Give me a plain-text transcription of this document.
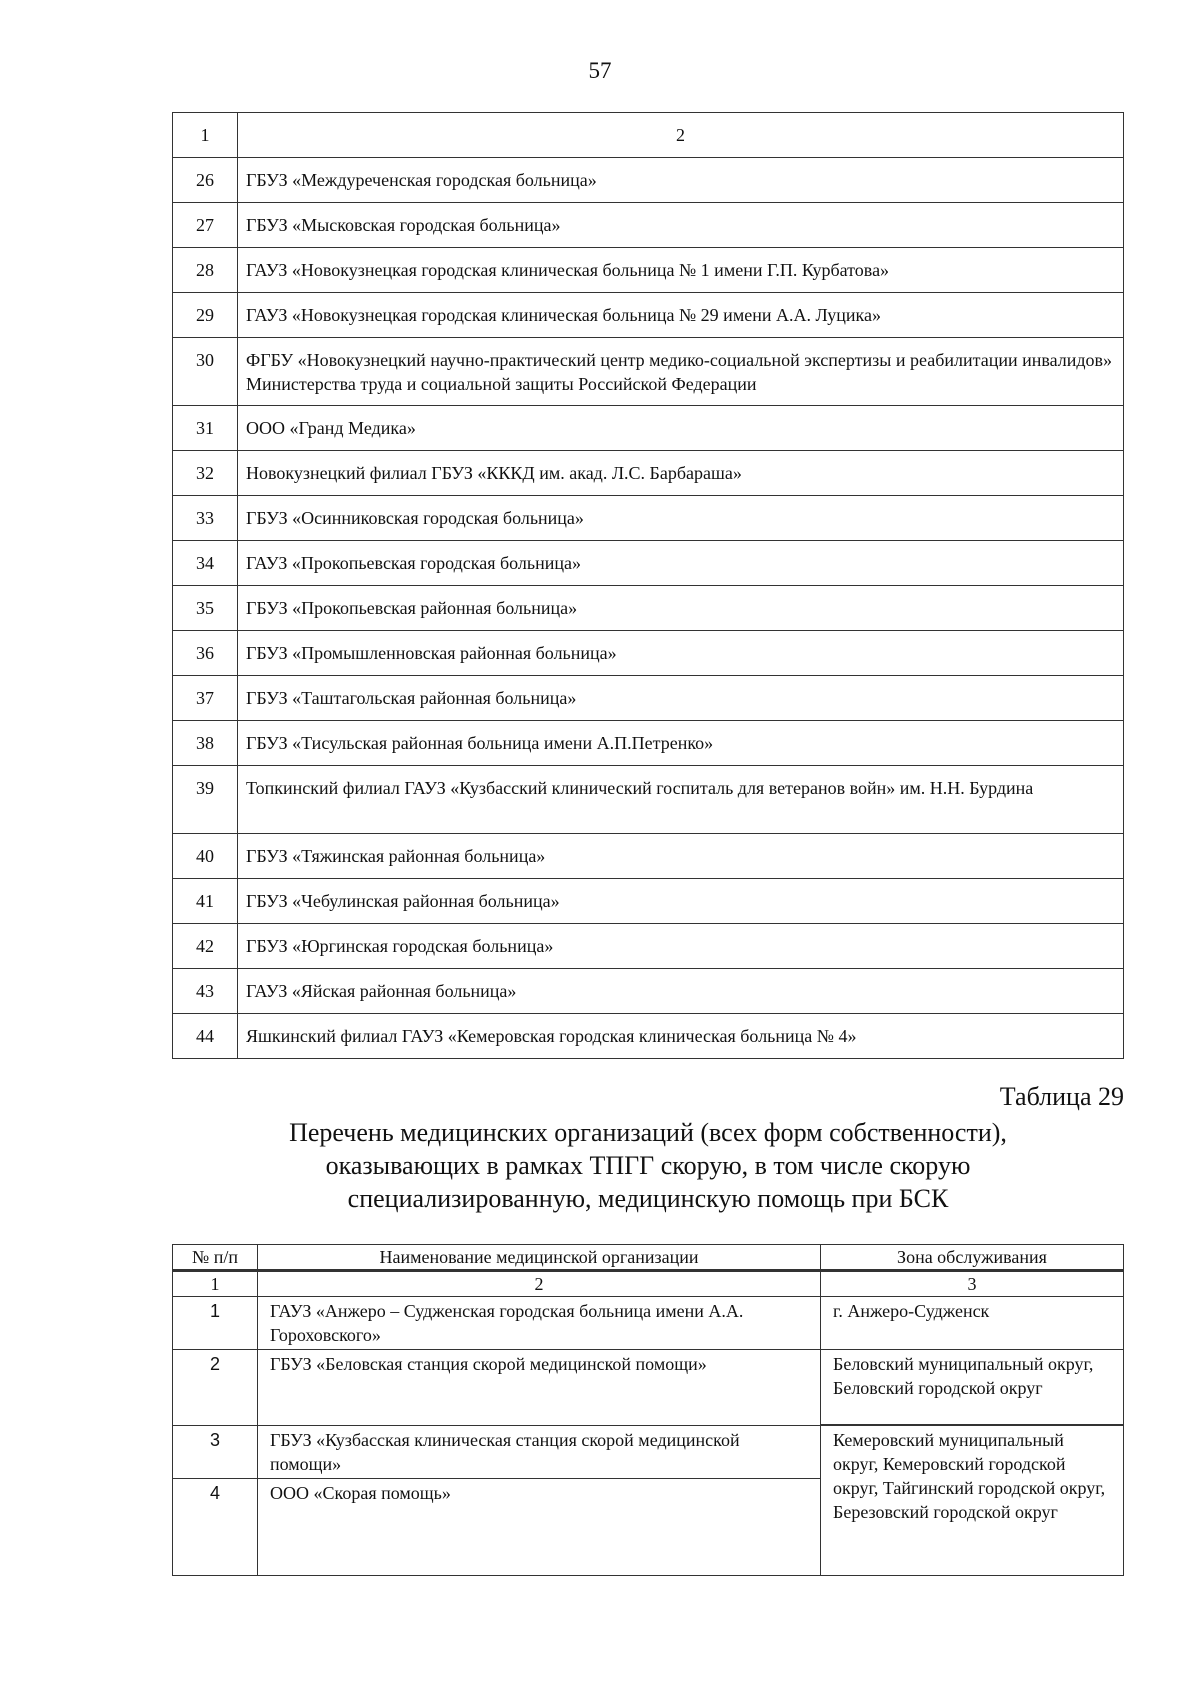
57
1	2
26	ГБУЗ «Междуреченская городская больница»
27	ГБУЗ «Мысковская городская больница»
28	ГАУЗ «Новокузнецкая городская клиническая больница № 1 имени Г.П. Курбатова»
29	ГАУЗ «Новокузнецкая городская клиническая больница № 29 имени А.А. Луцика»
30	ФГБУ «Новокузнецкий научно-практический центр медико-социальной экспертизы и реабилитации инвалидов» Министерства труда и социальной защиты Российской Федерации
31	ООО «Гранд Медика»
32	Новокузнецкий филиал ГБУЗ «КККД им. акад. Л.С. Барбараша»
33	ГБУЗ «Осинниковская городская больница»
34	ГАУЗ «Прокопьевская городская больница»
35	ГБУЗ «Прокопьевская районная больница»
36	ГБУЗ «Промышленновская районная больница»
37	ГБУЗ «Таштагольская районная больница»
38	ГБУЗ «Тисульская районная больница имени А.П.Петренко»
39	Топкинский филиал ГАУЗ «Кузбасский клинический госпиталь для ветеранов войн» им. Н.Н. Бурдина
40	ГБУЗ «Тяжинская районная больница»
41	ГБУЗ «Чебулинская районная больница»
42	ГБУЗ «Юргинская городская больница»
43	ГАУЗ «Яйская районная больница»
44	Яшкинский филиал ГАУЗ «Кемеровская городская клиническая больница № 4»
Таблица 29
Перечень медицинских организаций (всех форм собственности),
оказывающих в рамках ТПГГ скорую, в том числе скорую
специализированную, медицинскую помощь при БСК
№ п/п	Наименование медицинской организации	Зона обслуживания
1	2	3
1	ГАУЗ «Анжеро – Судженская городская больница имени А.А. Гороховского»	г. Анжеро-Судженск
2	ГБУЗ «Беловская станция скорой медицинской помощи»	Беловский муниципальный округ, Беловский городской округ
3	ГБУЗ «Кузбасская клиническая станция скорой медицинской помощи»	Кемеровский муниципальный округ, Кемеровский городской округ, Тайгинский городской округ, Березовский городской округ
4	ООО «Скорая помощь»	
